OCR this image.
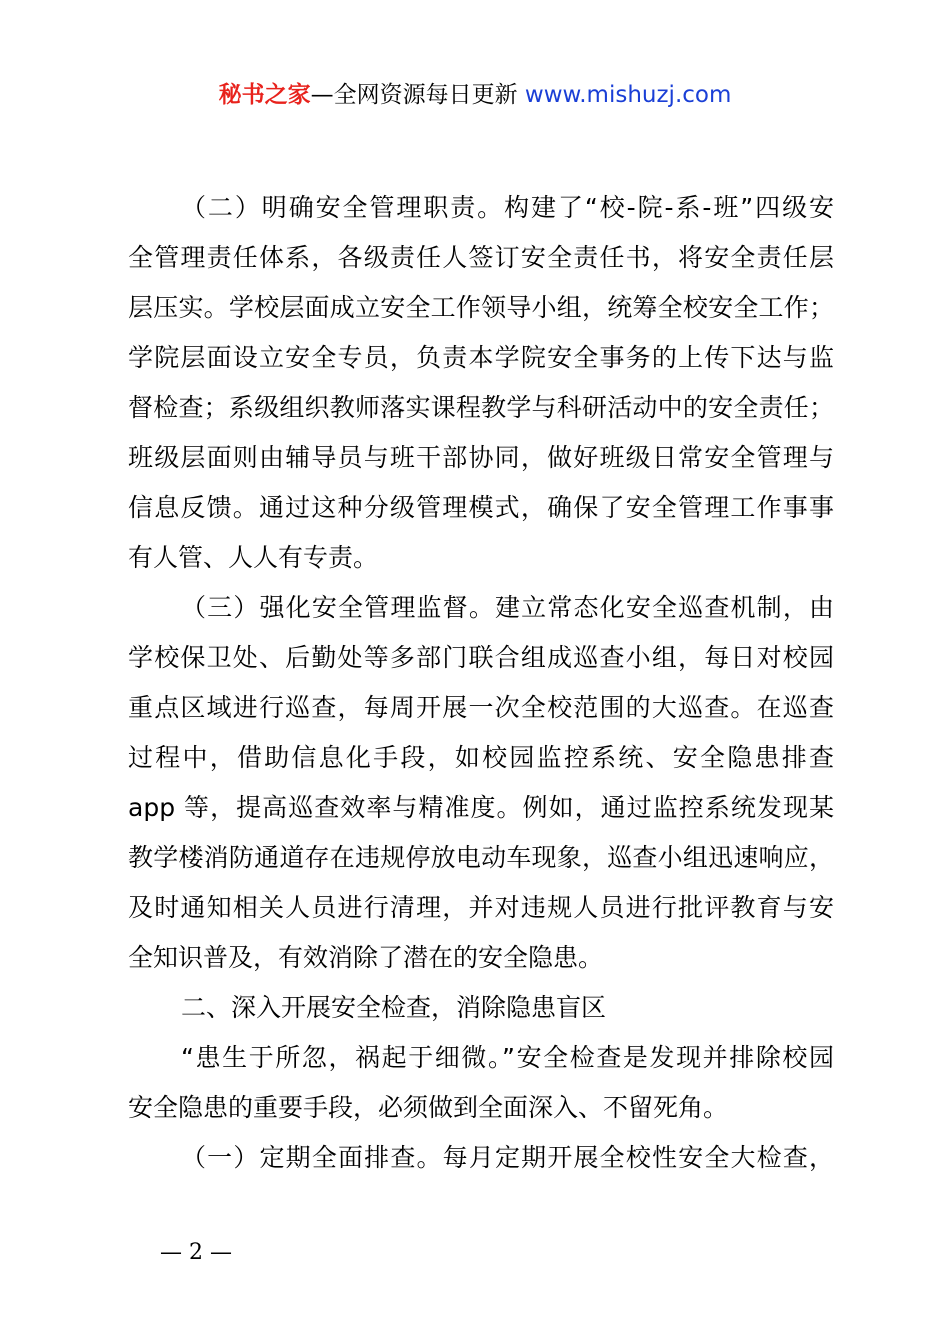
秘书之家—全网资源每日更新 www.mishuzj.com
（二）明确安全管理职责。构建了“校-院-系-班”四级安
全管理责任体系，各级责任人签订安全责任书，将安全责任层
层压实。学校层面成立安全工作领导小组，统筹全校安全工作；
学院层面设立安全专员，负责本学院安全事务的上传下达与监
督检查；系级组织教师落实课程教学与科研活动中的安全责任；
班级层面则由辅导员与班干部协同，做好班级日常安全管理与
信息反馈。通过这种分级管理模式，确保了安全管理工作事事
有人管、人人有专责。
（三）强化安全管理监督。建立常态化安全巡查机制，由
学校保卫处、后勤处等多部门联合组成巡查小组，每日对校园
重点区域进行巡查，每周开展一次全校范围的大巡查。在巡查
过程中，借助信息化手段，如校园监控系统、安全隐患排查
app 等，提高巡查效率与精准度。例如，通过监控系统发现某
教学楼消防通道存在违规停放电动车现象，巡查小组迅速响应，
及时通知相关人员进行清理，并对违规人员进行批评教育与安
全知识普及，有效消除了潜在的安全隐患。
二、深入开展安全检查，消除隐患盲区
“患生于所忽，祸起于细微。”安全检查是发现并排除校园
安全隐患的重要手段，必须做到全面深入、不留死角。
（一）定期全面排查。每月定期开展全校性安全大检查，
— 2 —
